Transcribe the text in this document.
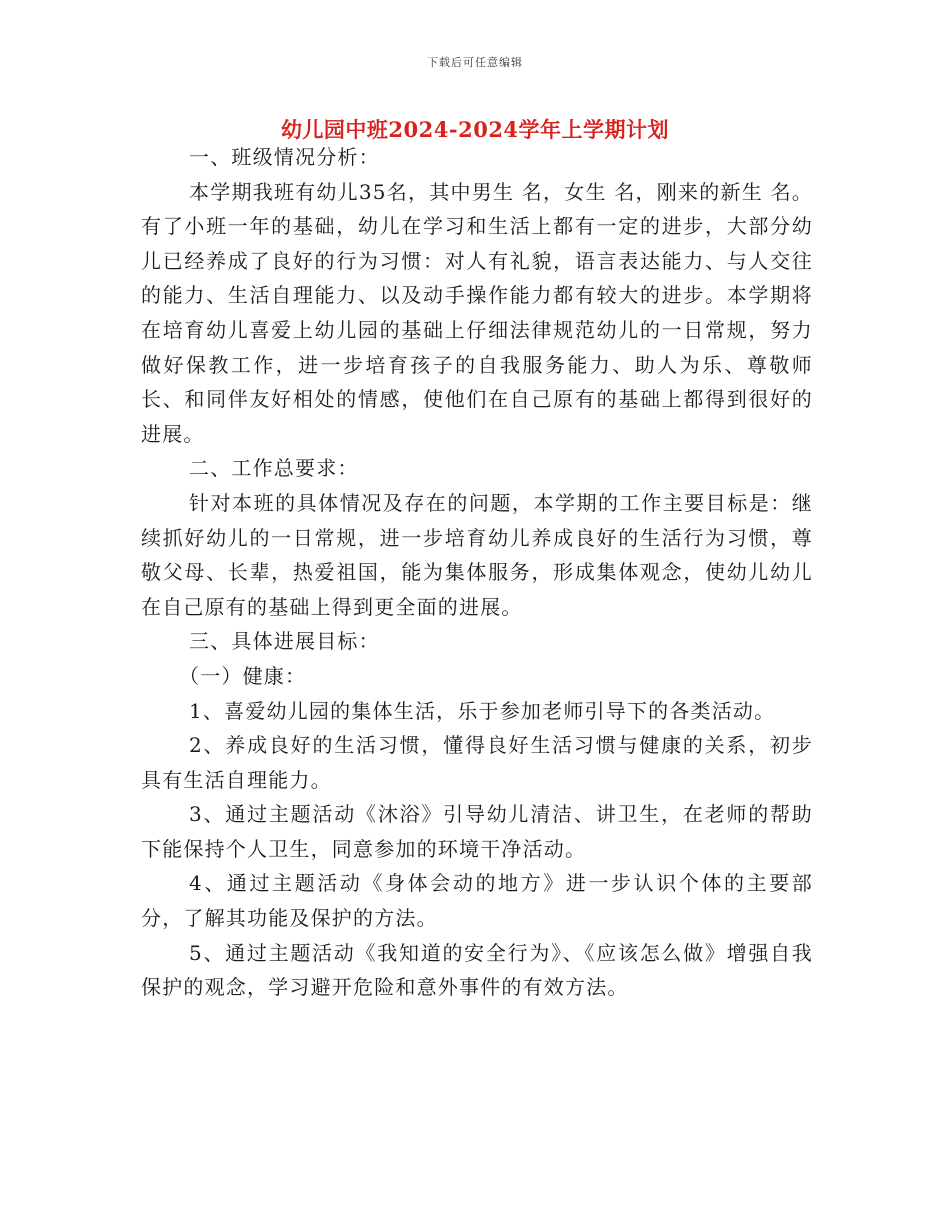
下载后可任意编辑
幼儿园中班2024-2024学年上学期计划

一、班级情况分析：

本学期我班有幼儿35名，其中男生 名，女生 名，刚来的新生 名。有了小班一年的基础，幼儿在学习和生活上都有一定的进步，大部分幼儿已经养成了良好的行为习惯：对人有礼貌，语言表达能力、与人交往的能力、生活自理能力、以及动手操作能力都有较大的进步。本学期将在培育幼儿喜爱上幼儿园的基础上仔细法律规范幼儿的一日常规，努力做好保教工作，进一步培育孩子的自我服务能力、助人为乐、尊敬师长、和同伴友好相处的情感，使他们在自己原有的基础上都得到很好的进展。

二、工作总要求：

针对本班的具体情况及存在的问题，本学期的工作主要目标是：继续抓好幼儿的一日常规，进一步培育幼儿养成良好的生活行为习惯，尊敬父母、长辈，热爱祖国，能为集体服务，形成集体观念，使幼儿幼儿在自己原有的基础上得到更全面的进展。

三、具体进展目标：

（一）健康：

1、喜爱幼儿园的集体生活，乐于参加老师引导下的各类活动。

2、养成良好的生活习惯，懂得良好生活习惯与健康的关系，初步具有生活自理能力。

3、通过主题活动《沐浴》引导幼儿清洁、讲卫生，在老师的帮助下能保持个人卫生，同意参加的环境干净活动。

4、通过主题活动《身体会动的地方》进一步认识个体的主要部分，了解其功能及保护的方法。

5、通过主题活动《我知道的安全行为》、《应该怎么做》增强自我保护的观念，学习避开危险和意外事件的有效方法。
